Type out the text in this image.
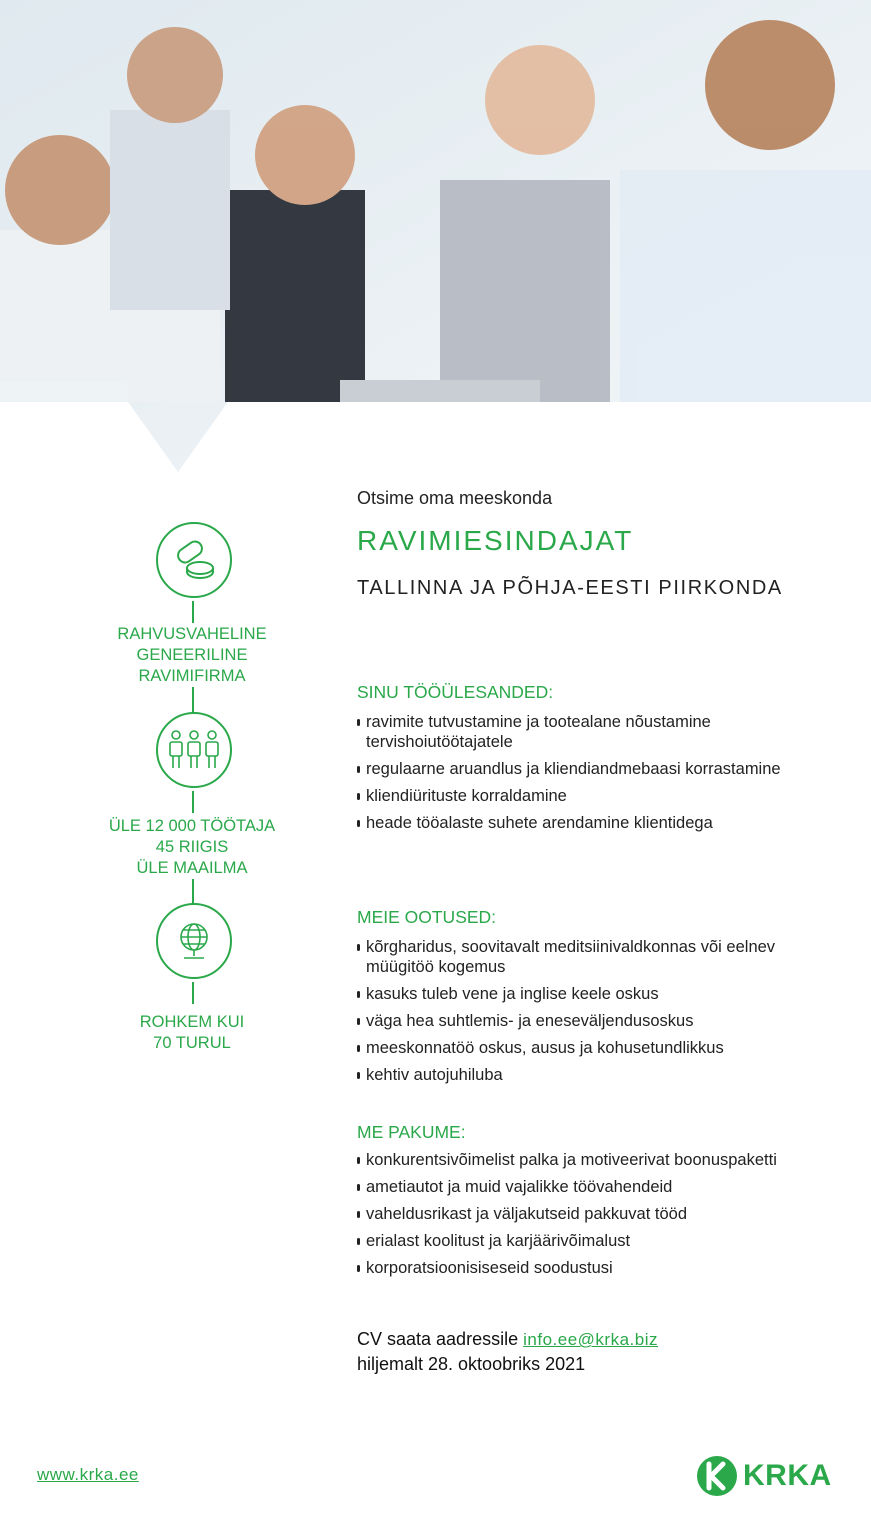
RAHVUSVAHELINE
GENEERILINE
RAVIMIFIRMA
ÜLE 12 000 TÖÖTAJA
45 RIIGIS
ÜLE MAAILMA
ROHKEM KUI
70 TURUL
Otsime oma meeskonda
RAVIMIESINDAJAT
TALLINNA JA PÕHJA-EESTI PIIRKONDA
SINU TÖÖÜLESANDED:
ravimite tutvustamine ja tootealane nõustamine tervishoiutöötajatele
regulaarne aruandlus ja kliendiandmebaasi korrastamine
kliendiürituste korraldamine
heade tööalaste suhete arendamine klientidega
MEIE OOTUSED:
kõrgharidus, soovitavalt meditsiinivaldkonnas või eelnev müügitöö kogemus
kasuks tuleb vene ja inglise keele oskus
väga hea suhtlemis- ja eneseväljendusoskus
meeskonnatöö oskus, ausus ja kohusetundlikkus
kehtiv autojuhiluba
ME PAKUME:
konkurentsivõimelist palka ja motiveerivat boonuspaketti
ametiautot ja muid vajalikke töövahendeid
vaheldusrikast ja väljakutseid pakkuvat tööd
erialast koolitust ja karjäärivõimalust
korporatsioonisiseseid soodustusi
CV saata aadressile info.ee@krka.biz
hiljemalt 28. oktoobriks 2021
www.krka.ee	KRKA
